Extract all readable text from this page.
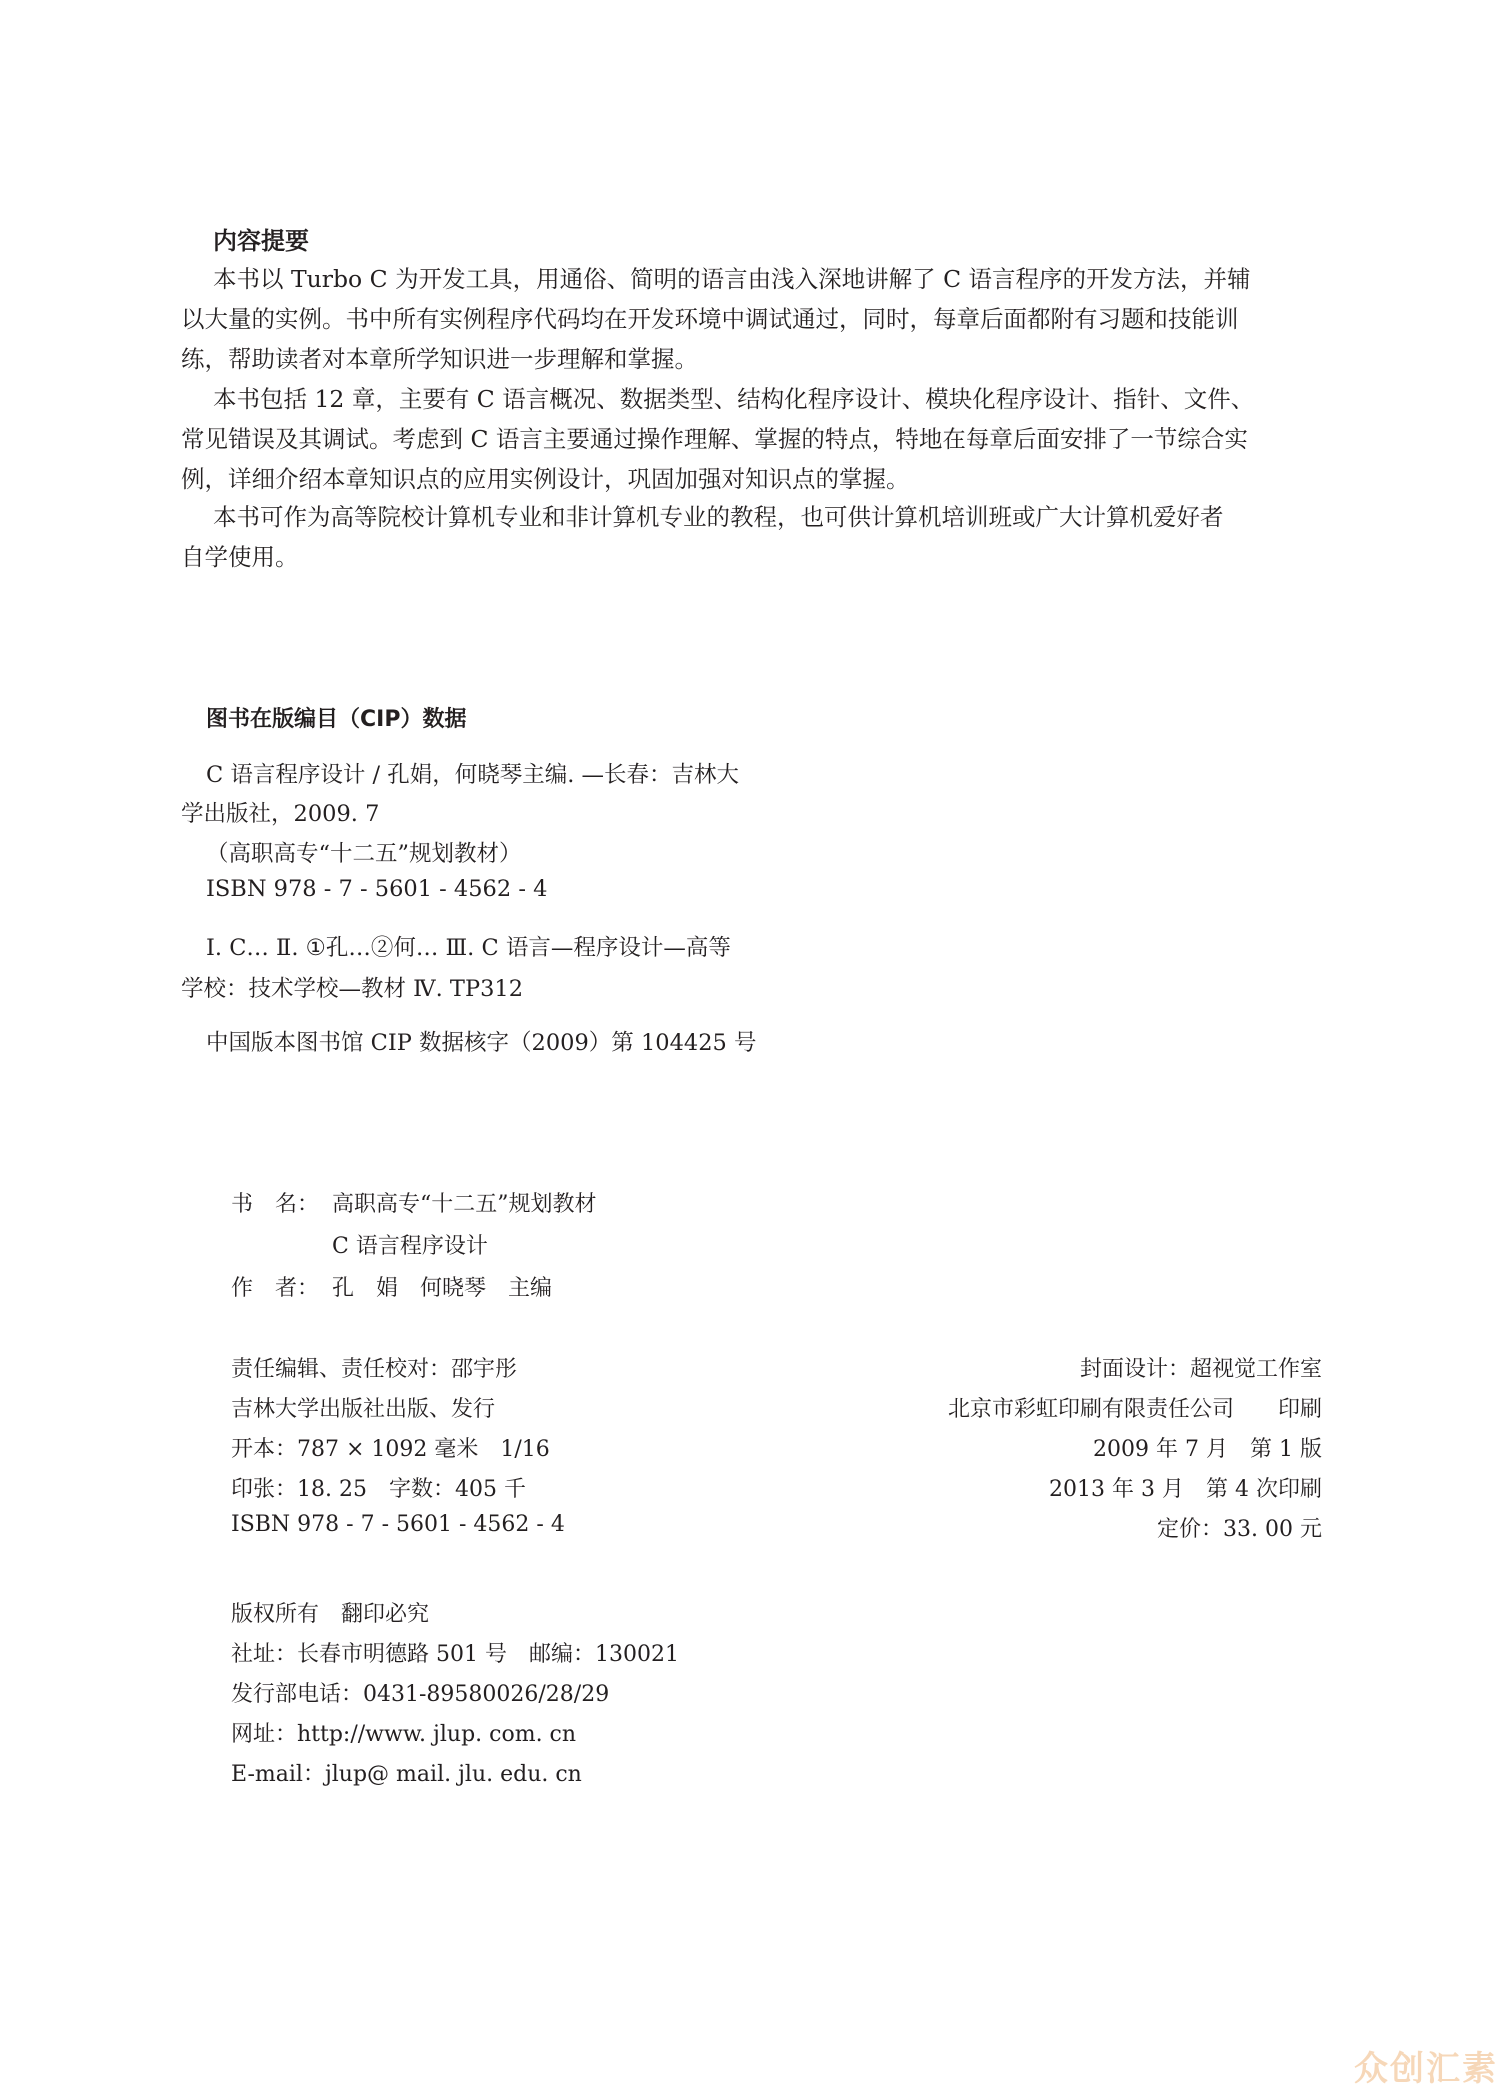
内容提要
本书以 Turbo C 为开发工具，用通俗、简明的语言由浅入深地讲解了 C 语言程序的开发方法，并辅
以大量的实例。书中所有实例程序代码均在开发环境中调试通过，同时，每章后面都附有习题和技能训
练，帮助读者对本章所学知识进一步理解和掌握。
本书包括 12 章，主要有 C 语言概况、数据类型、结构化程序设计、模块化程序设计、指针、文件、
常见错误及其调试。考虑到 C 语言主要通过操作理解、掌握的特点，特地在每章后面安排了一节综合实
例，详细介绍本章知识点的应用实例设计，巩固加强对知识点的掌握。
本书可作为高等院校计算机专业和非计算机专业的教程，也可供计算机培训班或广大计算机爱好者
自学使用。
图书在版编目（CIP）数据
C 语言程序设计 / 孔娟，何晓琴主编. —长春：吉林大
学出版社，2009. 7
（高职高专“十二五”规划教材）
ISBN 978 - 7 - 5601 - 4562 - 4
Ⅰ. C… Ⅱ. ①孔…②何… Ⅲ. C 语言—程序设计—高等
学校：技术学校—教材 Ⅳ. TP312
中国版本图书馆 CIP 数据核字（2009）第 104425 号
书　名： 高职高专“十二五”规划教材
C 语言程序设计
作　者： 孔　娟　何晓琴　主编
责任编辑、责任校对：邵宇彤
吉林大学出版社出版、发行
开本：787 × 1092 毫米　1/16
印张：18. 25　字数：405 千
ISBN 978 - 7 - 5601 - 4562 - 4
封面设计：超视觉工作室
北京市彩虹印刷有限责任公司　　印刷
2009 年 7 月　第 1 版
2013 年 3 月　第 4 次印刷
定价：33. 00 元
版权所有　翻印必究
社址：长春市明德路 501 号　邮编：130021
发行部电话：0431-89580026/28/29
网址：http://www. jlup. com. cn
E-mail：jlup@ mail. jlu. edu. cn
众创汇素
